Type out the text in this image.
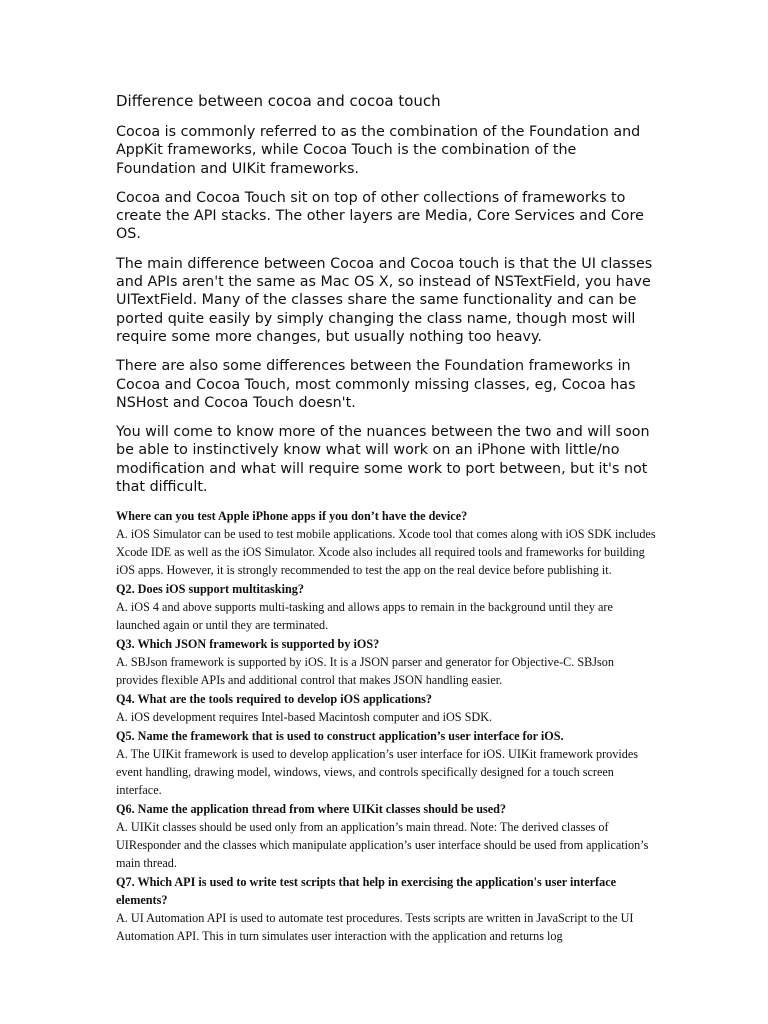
Difference between cocoa and cocoa touch

Cocoa is commonly referred to as the combination of the Foundation and AppKit frameworks, while Cocoa Touch is the combination of the Foundation and UIKit frameworks.

Cocoa and Cocoa Touch sit on top of other collections of frameworks to create the API stacks. The other layers are Media, Core Services and Core OS.

The main difference between Cocoa and Cocoa touch is that the UI classes and APIs aren't the same as Mac OS X, so instead of NSTextField, you have UITextField. Many of the classes share the same functionality and can be ported quite easily by simply changing the class name, though most will require some more changes, but usually nothing too heavy.

There are also some differences between the Foundation frameworks in Cocoa and Cocoa Touch, most commonly missing classes, eg, Cocoa has NSHost and Cocoa Touch doesn't.

You will come to know more of the nuances between the two and will soon be able to instinctively know what will work on an iPhone with little/no modification and what will require some work to port between, but it's not that difficult.

Where can you test Apple iPhone apps if you don’t have the device?

A. iOS Simulator can be used to test mobile applications. Xcode tool that comes along with iOS SDK includes Xcode IDE as well as the iOS Simulator. Xcode also includes all required tools and frameworks for building iOS apps. However, it is strongly recommended to test the app on the real device before publishing it.

Q2. Does iOS support multitasking?

A. iOS 4 and above supports multi-tasking and allows apps to remain in the background until they are launched again or until they are terminated.

Q3. Which JSON framework is supported by iOS?

A. SBJson framework is supported by iOS. It is a JSON parser and generator for Objective-C. SBJson provides flexible APIs and additional control that makes JSON handling easier.

Q4. What are the tools required to develop iOS applications?

A. iOS development requires Intel-based Macintosh computer and iOS SDK.

Q5. Name the framework that is used to construct application’s user interface for iOS.

A. The UIKit framework is used to develop application’s user interface for iOS. UIKit framework provides event handling, drawing model, windows, views, and controls specifically designed for a touch screen interface.

Q6. Name the application thread from where UIKit classes should be used?

A. UIKit classes should be used only from an application’s main thread. Note: The derived classes of UIResponder and the classes which manipulate application’s user interface should be used from application’s main thread.

Q7. Which API is used to write test scripts that help in exercising the application's user interface elements?

A. UI Automation API is used to automate test procedures. Tests scripts are written in JavaScript to the UI Automation API. This in turn simulates user interaction with the application and returns log
